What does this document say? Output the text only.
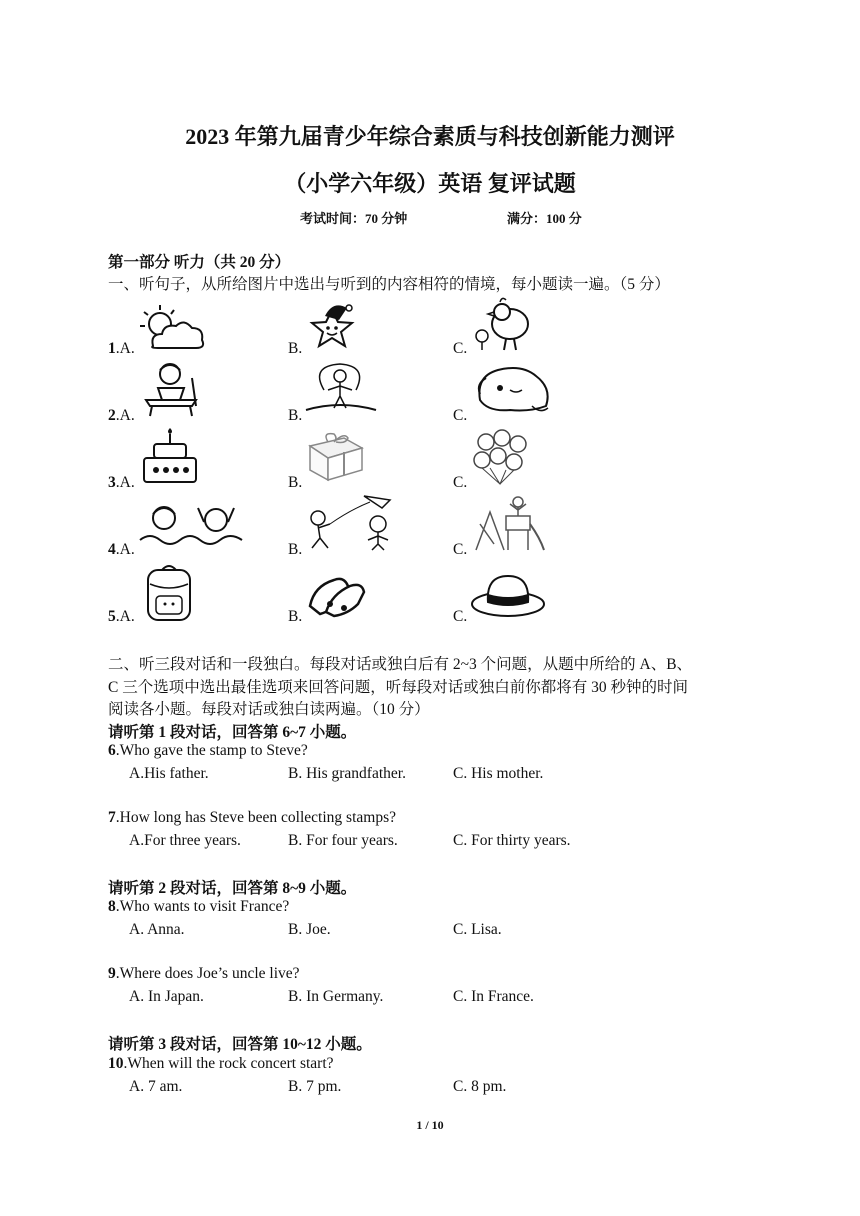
2023 年第九届青少年综合素质与科技创新能力测评
（小学六年级）英语 复评试题
考试时间：70 分钟	满分：100 分
第一部分 听力（共 20 分）
一、听句子，从所给图片中选出与听到的内容相符的情境，每小题读一遍。（5 分）
1.A.	B.	C.
2.A.	B.	C.
3.A.	B.	C.
4.A.	B.	C.
5.A.	B.	C.
二、听三段对话和一段独白。每段对话或独白后有 2~3 个问题，从题中所给的 A、B、
C 三个选项中选出最佳选项来回答问题，听每段对话或独白前你都将有 30 秒钟的时间
阅读各小题。每段对话或独白读两遍。（10 分）
请听第 1 段对话，回答第 6~7 小题。
6.Who gave the stamp to Steve?
A.His father.	B. His grandfather.	C. His mother.
7.How long has Steve been collecting stamps?
A.For three years.	B. For four years.	C. For thirty years.
请听第 2 段对话，回答第 8~9 小题。
8.Who wants to visit France?
A. Anna.	B. Joe.	C. Lisa.
9.Where does Joe’s uncle live?
A. In Japan.	B. In Germany.	C. In France.
请听第 3 段对话，回答第 10~12 小题。
10.When will the rock concert start?
A. 7 am.	B. 7 pm.	C. 8 pm.
1 / 10
